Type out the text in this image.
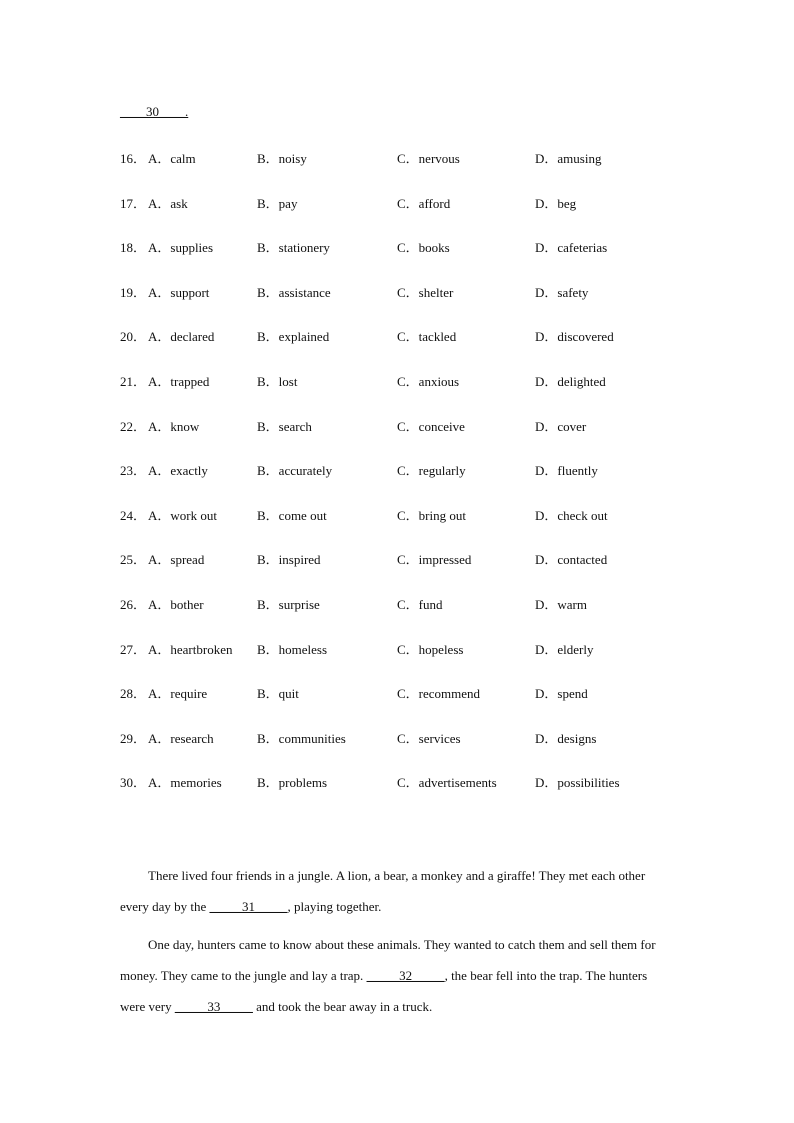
____30____.
16． A．calm	B．noisy	C．nervous	D．amusing
17． A．ask	B．pay	C．afford	D．beg
18． A．supplies	B．stationery	C．books	D．cafeterias
19． A．support	B．assistance	C．shelter	D．safety
20． A．declared	B．explained	C．tackled	D．discovered
21． A．trapped	B．lost	C．anxious	D．delighted
22． A．know	B．search	C．conceive	D．cover
23． A．exactly	B．accurately	C．regularly	D．fluently
24． A．work out	B．come out	C．bring out	D．check out
25． A．spread	B．inspired	C．impressed	D．contacted
26． A．bother	B．surprise	C．fund	D．warm
27． A．heartbroken B．homeless	C．hopeless	D．elderly
28． A．require	B．quit	C．recommend	D．spend
29． A．research	B．communities	C．services	D．designs
30． A．memories	B．problems	C．advertisements	D．possibilities

There lived four friends in a jungle. A lion, a bear, a monkey and a giraffe! They met each other every day by the _____31_____, playing together.

One day, hunters came to know about these animals. They wanted to catch them and sell them for money. They came to the jungle and lay a trap. _____32_____, the bear fell into the trap. The hunters were very _____33_____ and took the bear away in a truck.
